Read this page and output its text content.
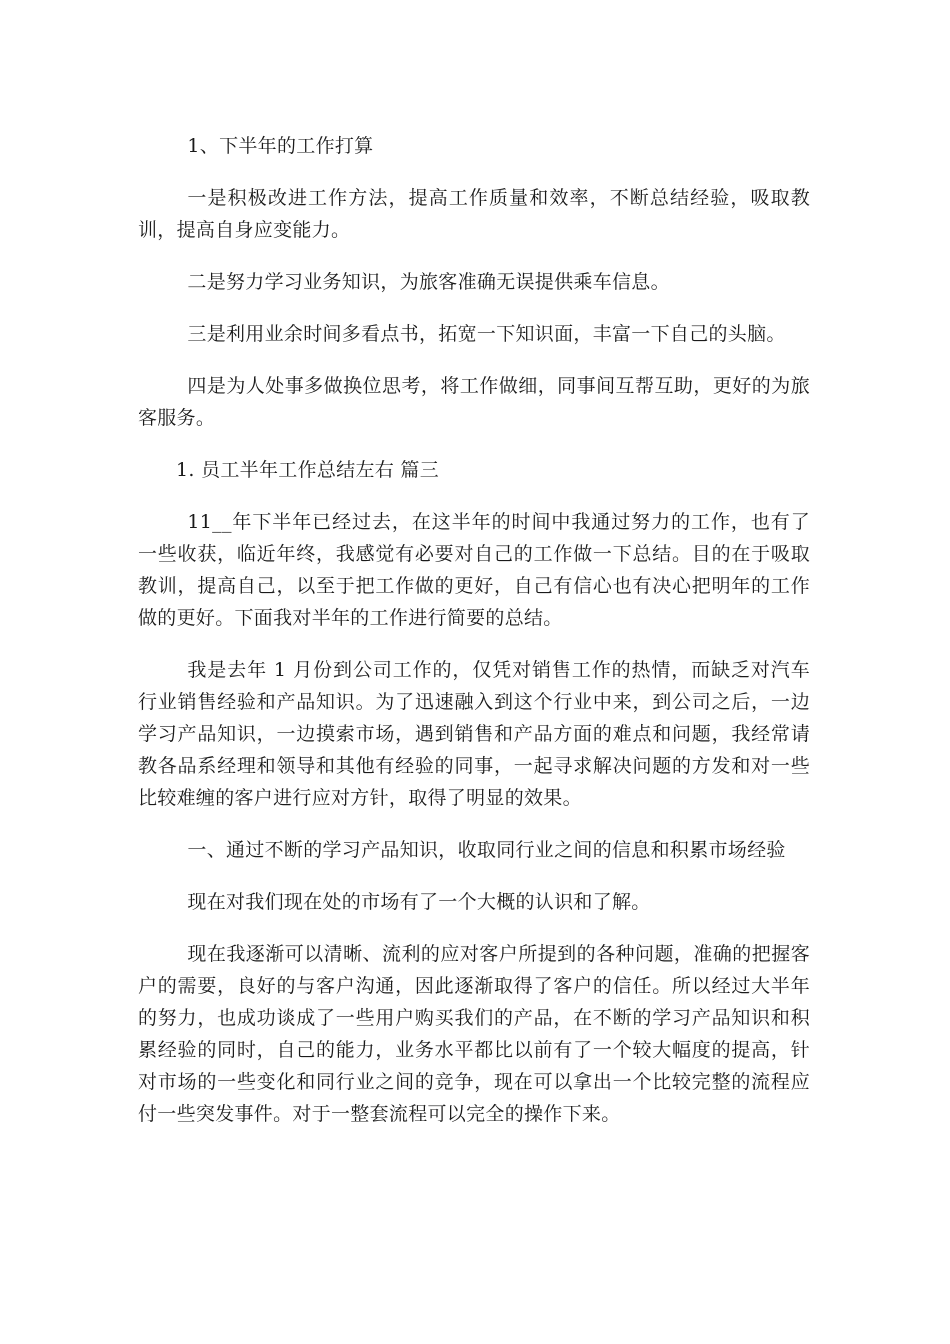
1、下半年的工作打算

一是积极改进工作方法，提高工作质量和效率，不断总结经验，吸取教训，提高自身应变能力。

二是努力学习业务知识，为旅客准确无误提供乘车信息。

三是利用业余时间多看点书，拓宽一下知识面，丰富一下自己的头脑。

四是为人处事多做换位思考，将工作做细，同事间互帮互助，更好的为旅客服务。

1. 员工半年工作总结左右 篇三

11__年下半年已经过去，在这半年的时间中我通过努力的工作，也有了一些收获，临近年终，我感觉有必要对自己的工作做一下总结。目的在于吸取教训，提高自己，以至于把工作做的更好，自己有信心也有决心把明年的工作做的更好。下面我对半年的工作进行简要的总结。

我是去年 1 月份到公司工作的，仅凭对销售工作的热情，而缺乏对汽车行业销售经验和产品知识。为了迅速融入到这个行业中来，到公司之后，一边学习产品知识，一边摸索市场，遇到销售和产品方面的难点和问题，我经常请教各品系经理和领导和其他有经验的同事，一起寻求解决问题的方发和对一些比较难缠的客户进行应对方针，取得了明显的效果。

一、通过不断的学习产品知识，收取同行业之间的信息和积累市场经验

现在对我们现在处的市场有了一个大概的认识和了解。

现在我逐渐可以清晰、流利的应对客户所提到的各种问题，准确的把握客户的需要，良好的与客户沟通，因此逐渐取得了客户的信任。所以经过大半年的努力，也成功谈成了一些用户购买我们的产品，在不断的学习产品知识和积累经验的同时，自己的能力，业务水平都比以前有了一个较大幅度的提高，针对市场的一些变化和同行业之间的竞争，现在可以拿出一个比较完整的流程应付一些突发事件。对于一整套流程可以完全的操作下来。
